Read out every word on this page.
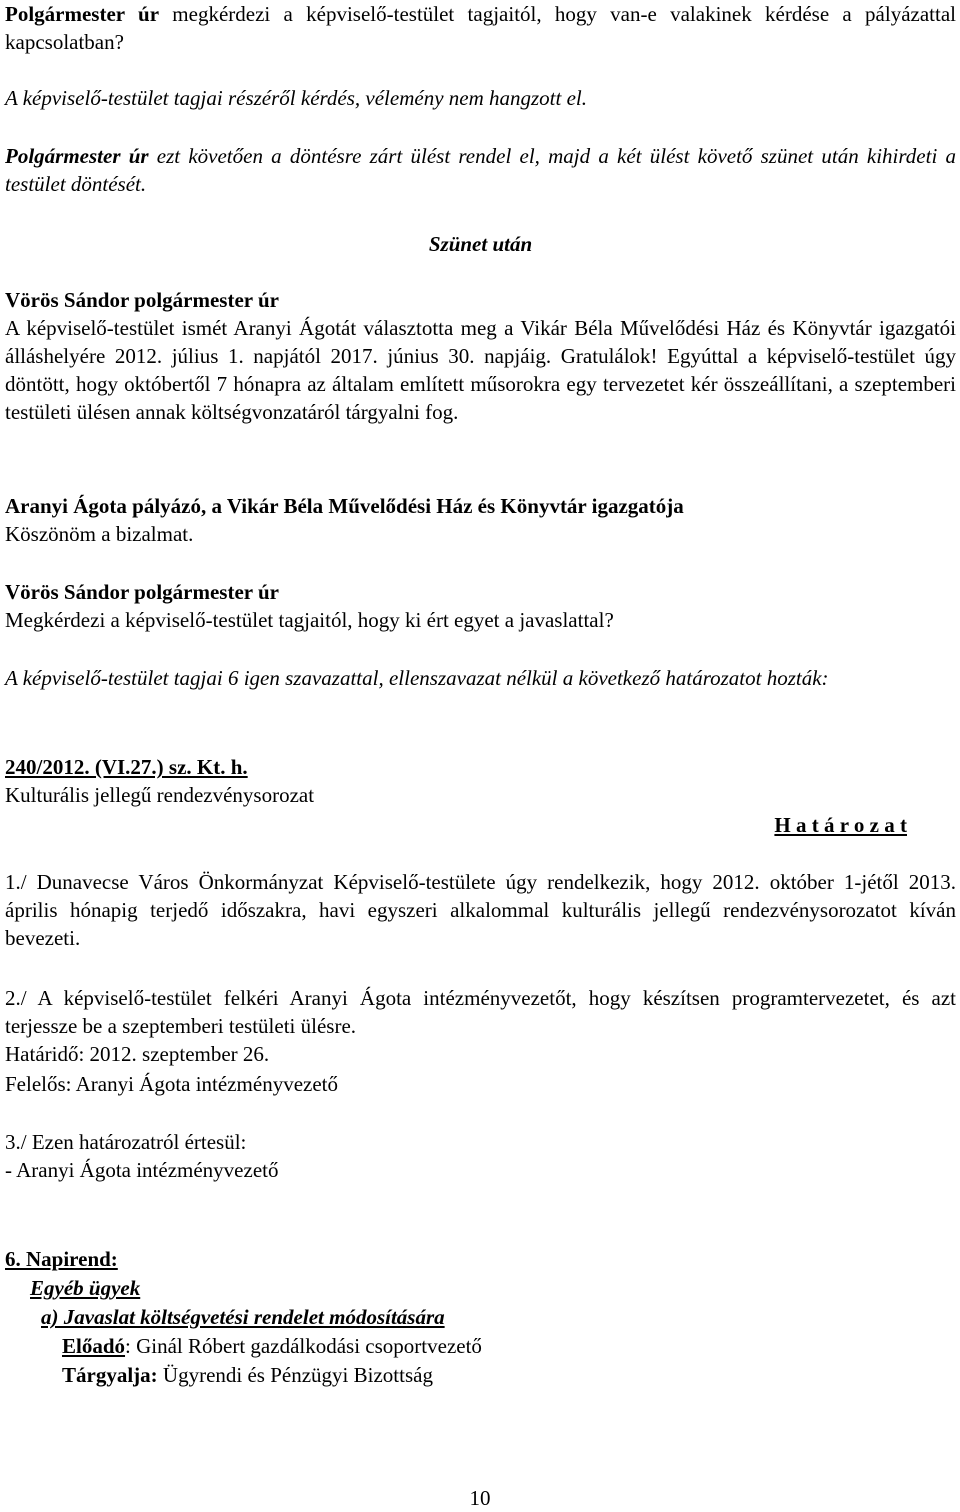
Polgármester úr megkérdezi a képviselő-testület tagjaitól, hogy van-e valakinek kérdése a pályázattal kapcsolatban?

A képviselő-testület tagjai részéről kérdés, vélemény nem hangzott el.

Polgármester úr ezt követően a döntésre zárt ülést rendel el, majd a két ülést követő szünet után kihirdeti a testület döntését.

Szünet után

Vörös Sándor polgármester úr

A képviselő-testület ismét Aranyi Ágotát választotta meg a Vikár Béla Művelődési Ház és Könyvtár igazgatói álláshelyére 2012. július 1. napjától 2017. június 30. napjáig. Gratulálok! Egyúttal a képviselő-testület úgy döntött, hogy októbertől 7 hónapra az általam említett műsorokra egy tervezetet kér összeállítani, a szeptemberi testületi ülésen annak költségvonzatáról tárgyalni fog.

Aranyi Ágota pályázó, a Vikár Béla Művelődési Ház és Könyvtár igazgatója

Köszönöm a bizalmat.

Vörös Sándor polgármester úr

Megkérdezi a képviselő-testület tagjaitól, hogy ki ért egyet a javaslattal?

A képviselő-testület tagjai 6 igen szavazattal, ellenszavazat nélkül a következő határozatot hozták:

240/2012. (VI.27.) sz. Kt. h.

Kulturális jellegű rendezvénysorozat

H a t á r o z a t

1./ Dunavecse Város Önkormányzat Képviselő-testülete úgy rendelkezik, hogy 2012. október 1-jétől 2013. április hónapig terjedő időszakra, havi egyszeri alkalommal kulturális jellegű rendezvénysorozatot kíván bevezeti.

2./ A képviselő-testület felkéri Aranyi Ágota intézményvezetőt, hogy készítsen programtervezetet, és azt terjessze be a szeptemberi testületi ülésre.

Határidő: 2012. szeptember 26.

Felelős: Aranyi Ágota intézményvezető

3./ Ezen határozatról értesül:

- Aranyi Ágota intézményvezető

6. Napirend:

Egyéb ügyek

a) Javaslat költségvetési rendelet módosítására

Előadó: Ginál Róbert gazdálkodási csoportvezető

Tárgyalja: Ügyrendi és Pénzügyi Bizottság

10
